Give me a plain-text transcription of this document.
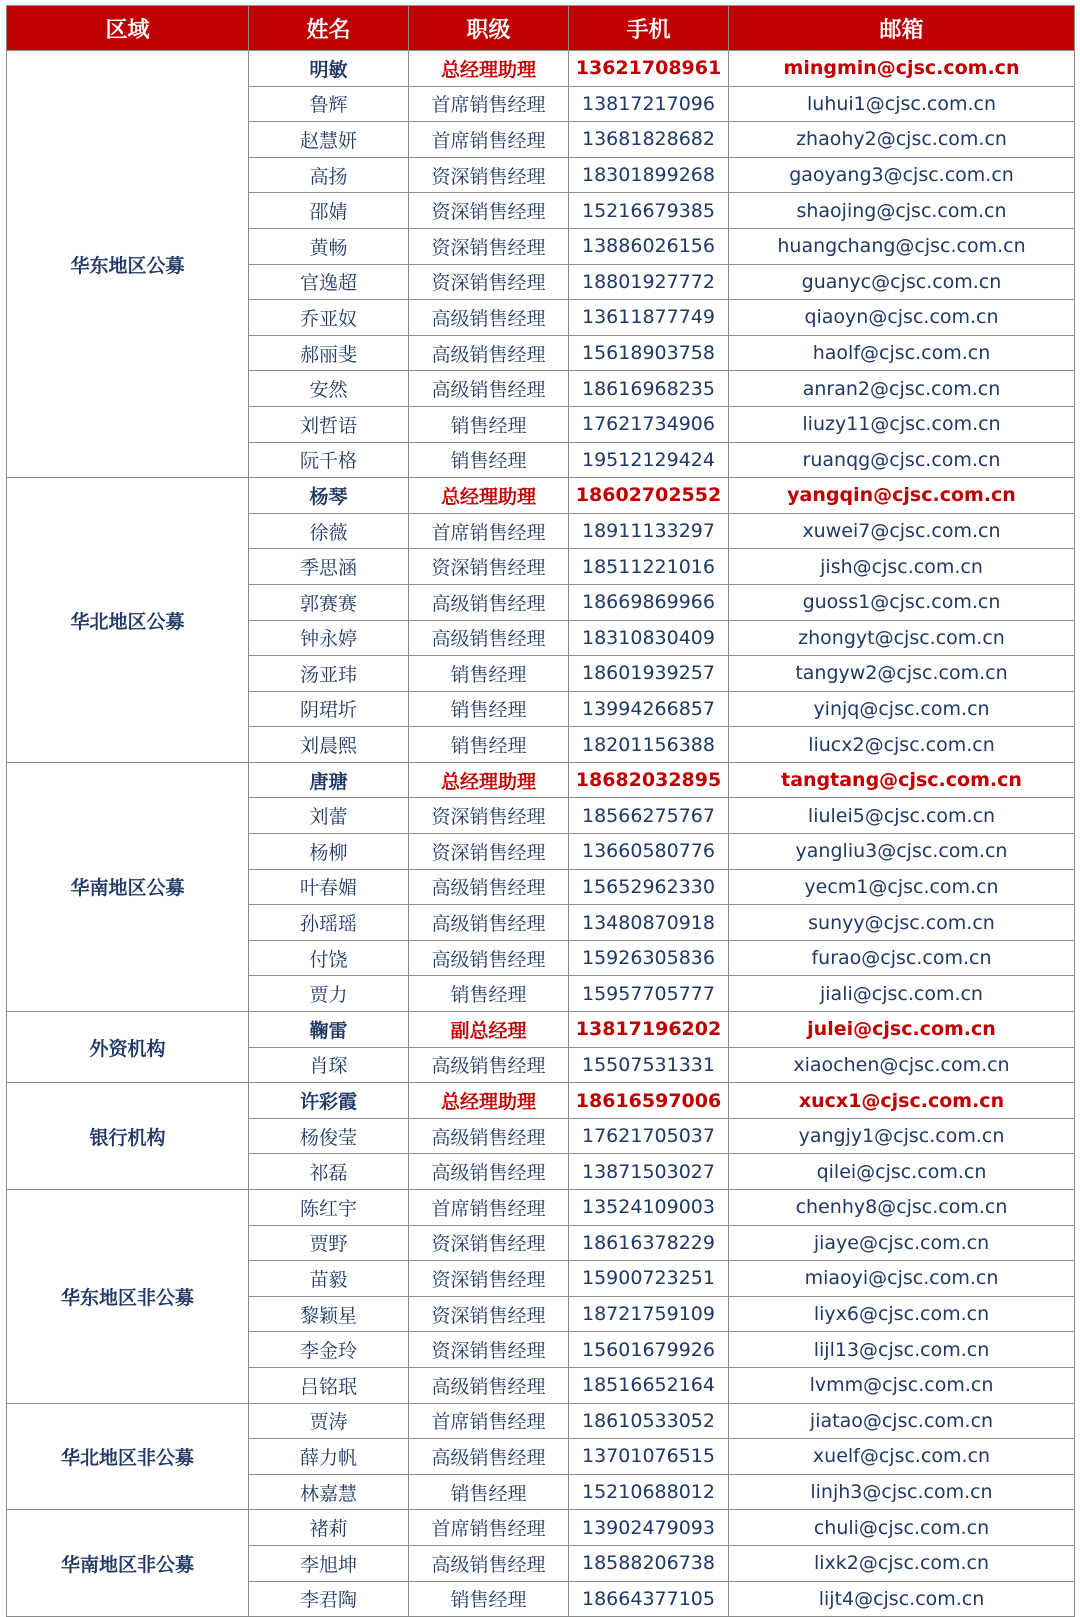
区域	姓名	职级	手机	邮箱
华东地区公募	明敏	总经理助理	13621708961	mingmin@cjsc.com.cn
	鲁辉	首席销售经理	13817217096	luhui1@cjsc.com.cn
	赵慧妍	首席销售经理	13681828682	zhaohy2@cjsc.com.cn
	高扬	资深销售经理	18301899268	gaoyang3@cjsc.com.cn
	邵婧	资深销售经理	15216679385	shaojing@cjsc.com.cn
	黄畅	资深销售经理	13886026156	huangchang@cjsc.com.cn
	官逸超	资深销售经理	18801927772	guanyc@cjsc.com.cn
	乔亚奴	高级销售经理	13611877749	qiaoyn@cjsc.com.cn
	郝丽斐	高级销售经理	15618903758	haolf@cjsc.com.cn
	安然	高级销售经理	18616968235	anran2@cjsc.com.cn
	刘哲语	销售经理	17621734906	liuzy11@cjsc.com.cn
	阮千格	销售经理	19512129424	ruanqg@cjsc.com.cn
华北地区公募	杨琴	总经理助理	18602702552	yangqin@cjsc.com.cn
	徐薇	首席销售经理	18911133297	xuwei7@cjsc.com.cn
	季思涵	资深销售经理	18511221016	jish@cjsc.com.cn
	郭赛赛	高级销售经理	18669869966	guoss1@cjsc.com.cn
	钟永婷	高级销售经理	18310830409	zhongyt@cjsc.com.cn
	汤亚玮	销售经理	18601939257	tangyw2@cjsc.com.cn
	阴珺圻	销售经理	13994266857	yinjq@cjsc.com.cn
	刘晨熙	销售经理	18201156388	liucx2@cjsc.com.cn
华南地区公募	唐瑭	总经理助理	18682032895	tangtang@cjsc.com.cn
	刘蕾	资深销售经理	18566275767	liulei5@cjsc.com.cn
	杨柳	资深销售经理	13660580776	yangliu3@cjsc.com.cn
	叶春媚	高级销售经理	15652962330	yecm1@cjsc.com.cn
	孙瑶瑶	高级销售经理	13480870918	sunyy@cjsc.com.cn
	付饶	高级销售经理	15926305836	furao@cjsc.com.cn
	贾力	销售经理	15957705777	jiali@cjsc.com.cn
外资机构	鞠雷	副总经理	13817196202	julei@cjsc.com.cn
	肖琛	高级销售经理	15507531331	xiaochen@cjsc.com.cn
银行机构	许彩霞	总经理助理	18616597006	xucx1@cjsc.com.cn
	杨俊莹	高级销售经理	17621705037	yangjy1@cjsc.com.cn
	祁磊	高级销售经理	13871503027	qilei@cjsc.com.cn
华东地区非公募	陈红宇	首席销售经理	13524109003	chenhy8@cjsc.com.cn
	贾野	资深销售经理	18616378229	jiaye@cjsc.com.cn
	苗毅	资深销售经理	15900723251	miaoyi@cjsc.com.cn
	黎颖星	资深销售经理	18721759109	liyx6@cjsc.com.cn
	李金玲	资深销售经理	15601679926	lijl13@cjsc.com.cn
	吕铭珉	高级销售经理	18516652164	lvmm@cjsc.com.cn
华北地区非公募	贾涛	首席销售经理	18610533052	jiatao@cjsc.com.cn
	薛力帆	高级销售经理	13701076515	xuelf@cjsc.com.cn
	林嘉慧	销售经理	15210688012	linjh3@cjsc.com.cn
华南地区非公募	褚莉	首席销售经理	13902479093	chuli@cjsc.com.cn
	李旭坤	高级销售经理	18588206738	lixk2@cjsc.com.cn
	李君陶	销售经理	18664377105	lijt4@cjsc.com.cn
